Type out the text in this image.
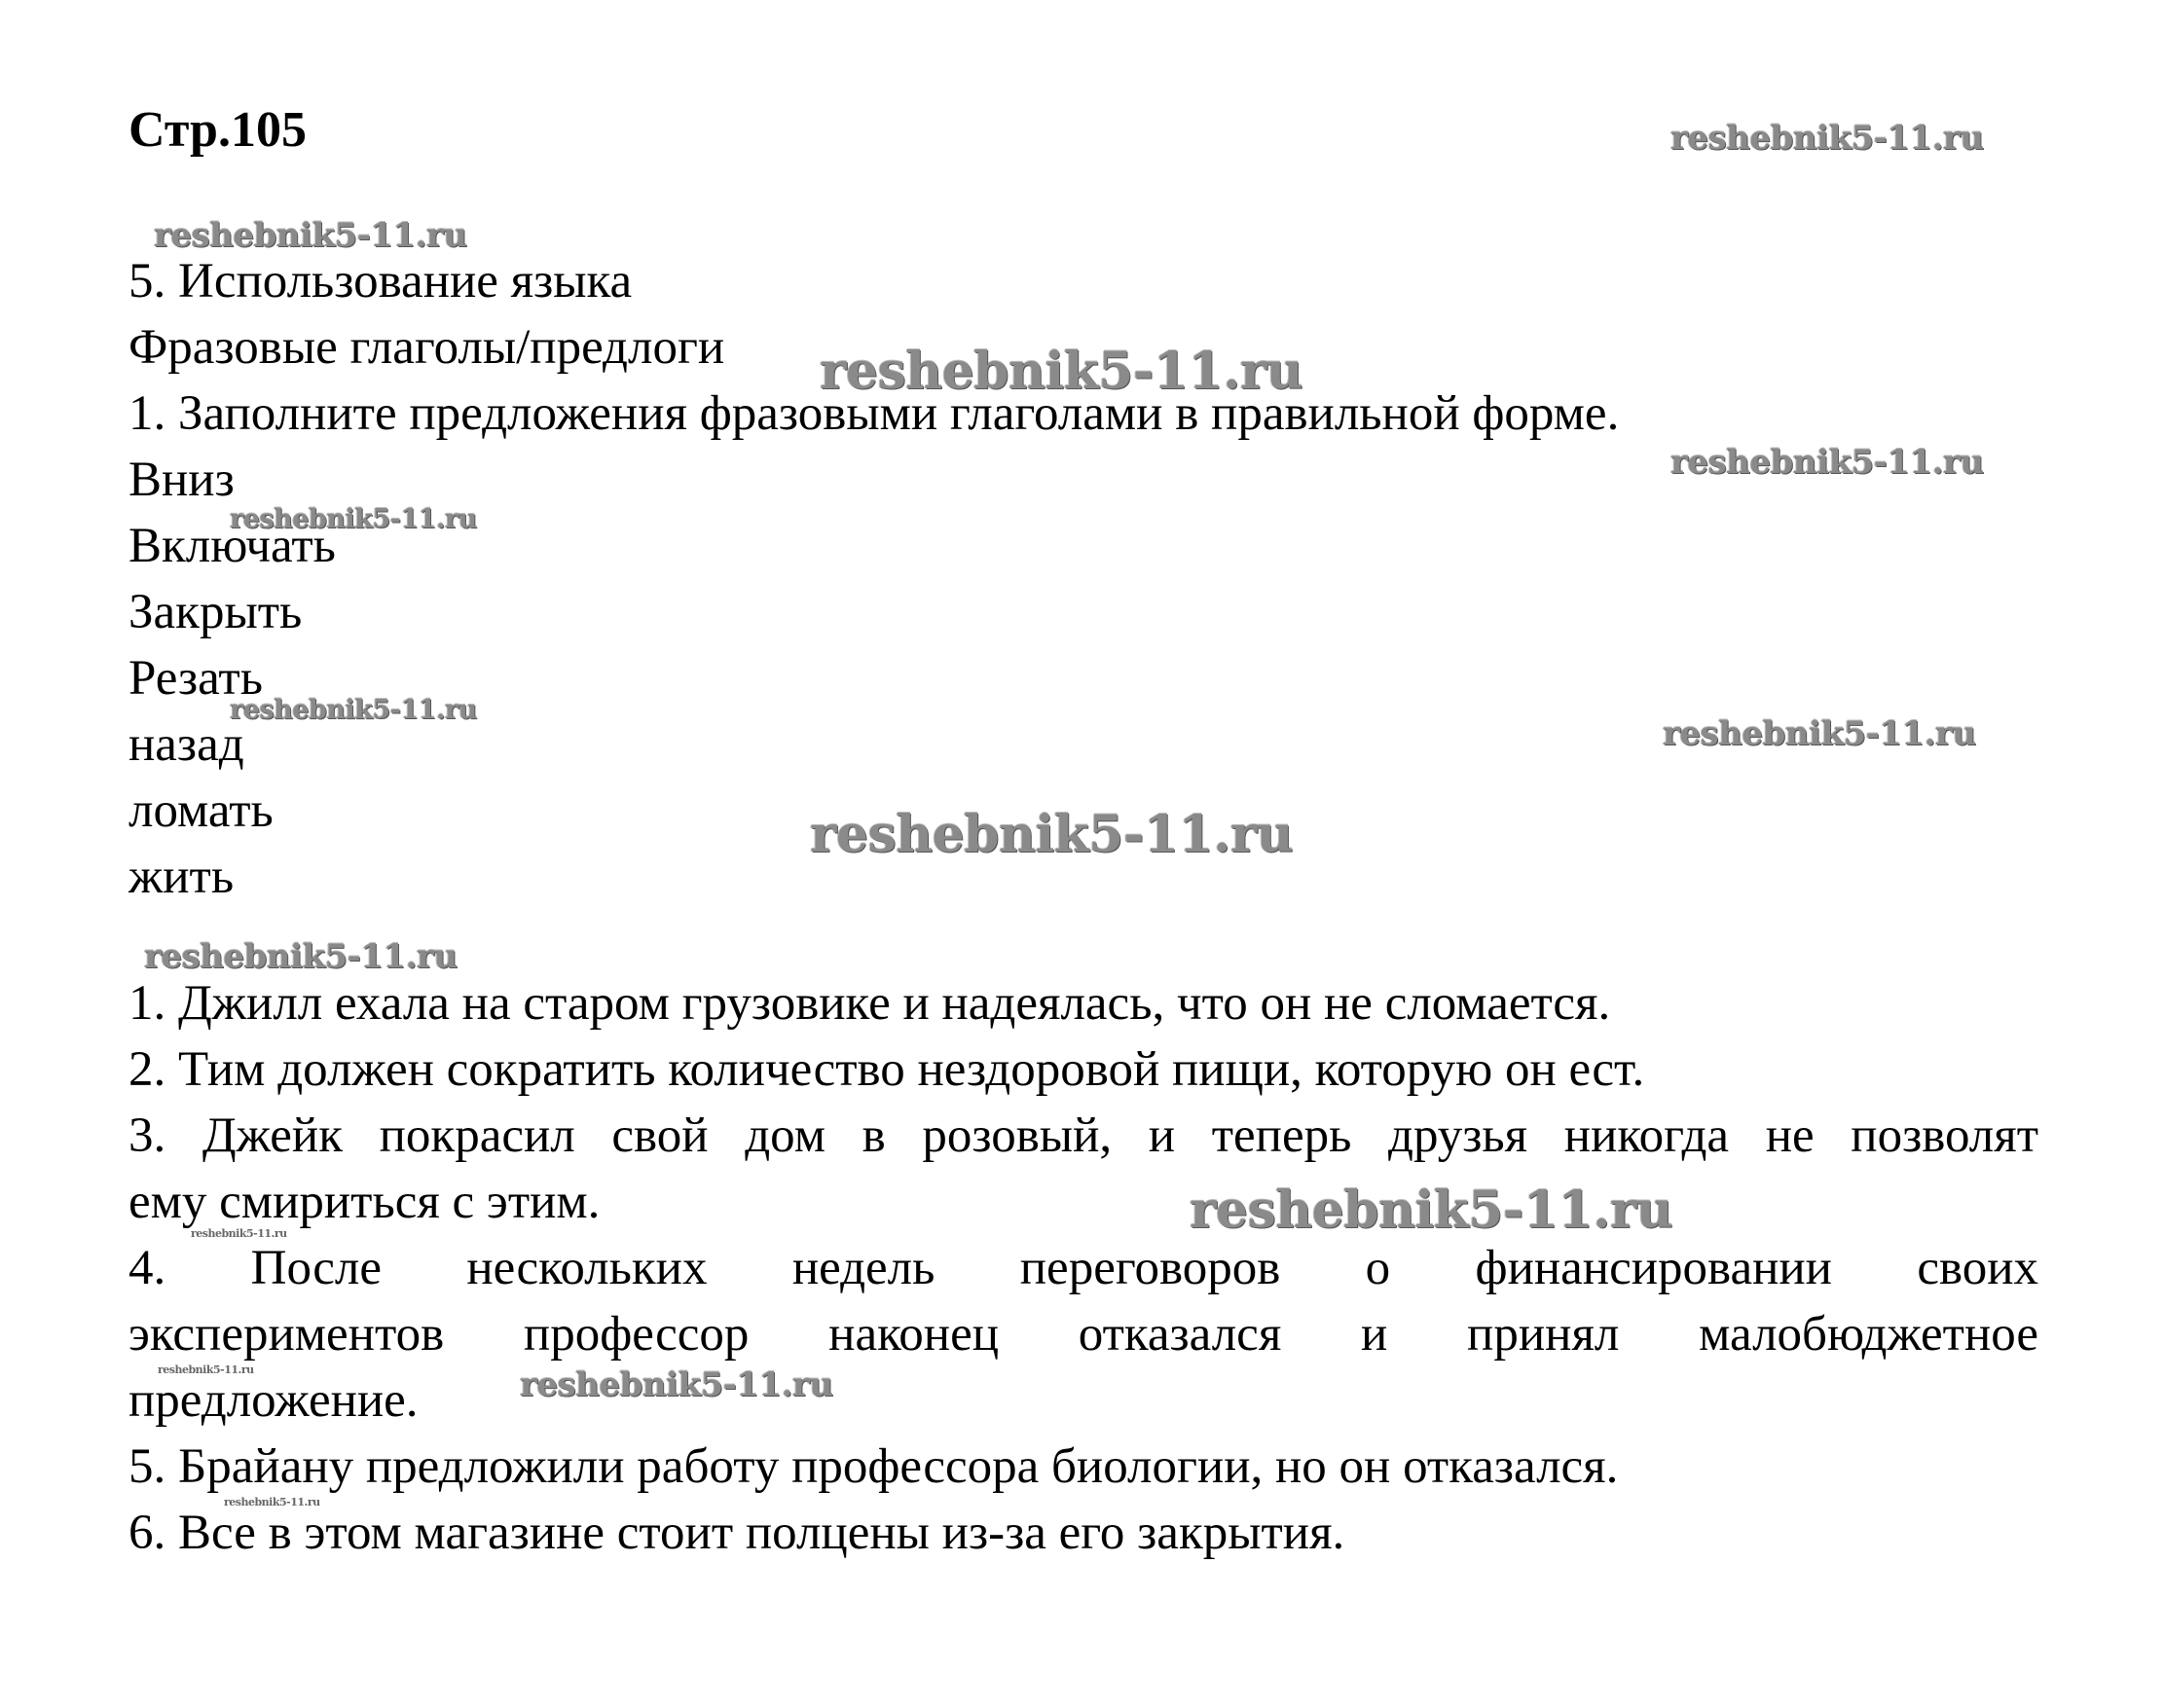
Стр.105
5. Использование языка
Фразовые глаголы/предлоги
1. Заполните предложения фразовыми глаголами в правильной форме.
Вниз
Включать
Закрыть
Резать
назад
ломать
жить
1. Джилл ехала на старом грузовике и надеялась, что он не сломается.
2. Тим должен сократить количество нездоровой пищи, которую он ест.
3. Джейк покрасил свой дом в розовый, и теперь друзья никогда не позволят
ему смириться с этим.
4. После нескольких недель переговоров о финансировании своих
экспериментов профессор наконец отказался и принял малобюджетное
предложение.
5. Брайану предложили работу профессора биологии, но он отказался.
6. Все в этом магазине стоит полцены из-за его закрытия.
reshebnik5-11.ru
reshebnik5-11.ru
reshebnik5-11.ru
reshebnik5-11.ru
reshebnik5-11.ru
reshebnik5-11.ru
reshebnik5-11.ru
reshebnik5-11.ru
reshebnik5-11.ru
reshebnik5-11.ru
reshebnik5-11.ru
reshebnik5-11.ru	reshebnik5-11.ru
reshebnik5-11.ru
